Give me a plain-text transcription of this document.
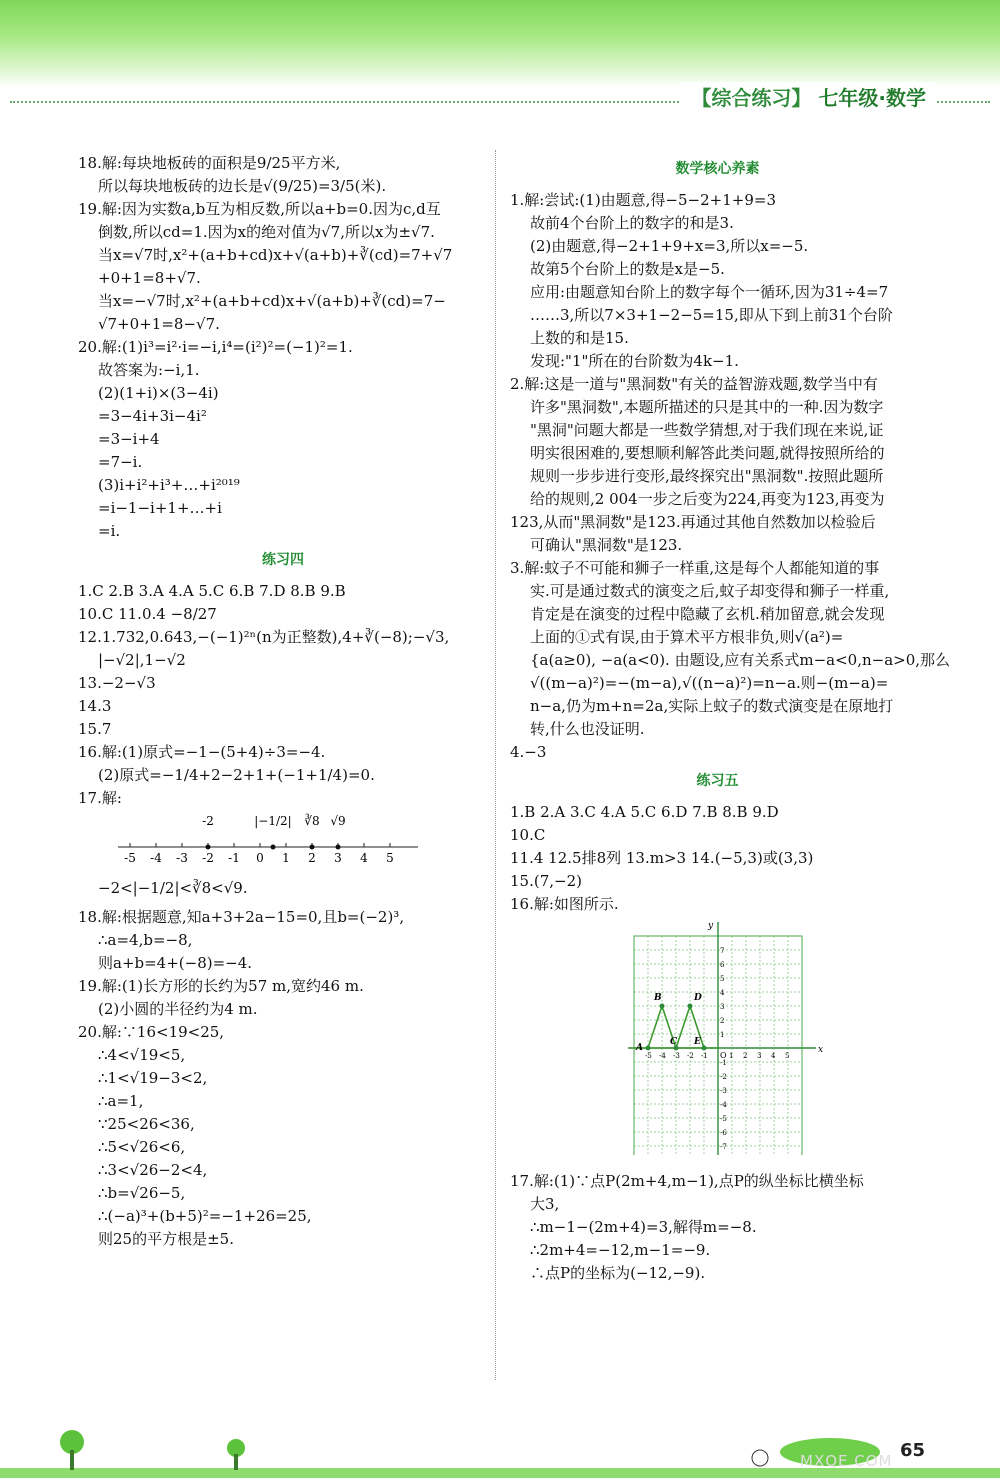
【综合练习】 七年级·数学
18.解:每块地板砖的面积是9/25平方米,
所以每块地板砖的边长是√(9/25)=3/5(米).
19.解:因为实数a,b互为相反数,所以a+b=0.因为c,d互
倒数,所以cd=1.因为x的绝对值为√7,所以x为±√7.
当x=√7时,x²+(a+b+cd)x+√(a+b)+∛(cd)=7+√7
+0+1=8+√7.
当x=−√7时,x²+(a+b+cd)x+√(a+b)+∛(cd)=7−
√7+0+1=8−√7.
20.解:(1)i³=i²·i=−i,i⁴=(i²)²=(−1)²=1.
故答案为:−i,1.
(2)(1+i)×(3−4i)
=3−4i+3i−4i²
=3−i+4
=7−i.
(3)i+i²+i³+…+i²⁰¹⁹
=i−1−i+1+…+i
=i.
练习四
1.C 2.B 3.A 4.A 5.C 6.B 7.D 8.B 9.B
10.C 11.0.4 −8/27
12.1.732,0.643,−(−1)²ⁿ(n为正整数),4+∛(−8);−√3,
|−√2|,1−√2
13.−2−√3
14.3
15.7
16.解:(1)原式=−1−(5+4)÷3=−4.
(2)原式=−1/4+2−2+1+(−1+1/4)=0.
17.解:
-5 -4 -3 -2 -1 0 1 2 3 4 5
-2	|−1/2| ∛8 √9
−2<|−1/2|<∛8<√9.
18.解:根据题意,知a+3+2a−15=0,且b=(−2)³,
∴a=4,b=−8,
则a+b=4+(−8)=−4.
19.解:(1)长方形的长约为57 m,宽约46 m.
(2)小圆的半径约为4 m.
20.解:∵16<19<25,
∴4<√19<5,
∴1<√19−3<2,
∴a=1,
∵25<26<36,
∴5<√26<6,
∴3<√26−2<4,
∴b=√26−5,
∴(−a)³+(b+5)²=−1+26=25,
则25的平方根是±5.
数学核心养素
1.解:尝试:(1)由题意,得−5−2+1+9=3
故前4个台阶上的数字的和是3.
(2)由题意,得−2+1+9+x=3,所以x=−5.
故第5个台阶上的数是x是−5.
应用:由题意知台阶上的数字每个一循环,因为31÷4=7
……3,所以7×3+1−2−5=15,即从下到上前31个台阶
上数的和是15.
发现:"1"所在的台阶数为4k−1.
2.解:这是一道与"黑洞数"有关的益智游戏题,数学当中有
许多"黑洞数",本题所描述的只是其中的一种.因为数字
"黑洞"问题大都是一些数学猜想,对于我们现在来说,证
明实很困难的,要想顺利解答此类问题,就得按照所给的
规则一步步进行变形,最终探究出"黑洞数".按照此题所
给的规则,2 004一步之后变为224,再变为123,再变为
123,从而"黑洞数"是123.再通过其他自然数加以检验后
可确认"黑洞数"是123.
3.解:蚊子不可能和狮子一样重,这是每个人都能知道的事
实.可是通过数式的演变之后,蚊子却变得和狮子一样重,
肯定是在演变的过程中隐藏了玄机.稍加留意,就会发现
上面的①式有误,由于算术平方根非负,则√(a²)=
{a(a≥0), −a(a<0). 由题设,应有关系式m−a<0,n−a>0,那么
√((m−a)²)=−(m−a),√((n−a)²)=n−a.则−(m−a)=
n−a,仍为m+n=2a,实际上蚊子的数式演变是在原地打
转,什么也没证明.
4.−3
练习五
1.B 2.A 3.C 4.A 5.C 6.D 7.B 8.B 9.D
10.C
11.4 12.5排8列 13.m>3 14.(−5,3)或(3,3)
15.(7,−2)
16.解:如图所示.
x
y
O
-5 -4 -3 -2 -1	1 2 3 4 5
7
6
5
4
3
2
1
-1
-2
-3
-4
-5
-6
-7
A
B
C
D
E
17.解:(1)∵点P(2m+4,m−1),点P的纵坐标比横坐标
大3,
∴m−1−(2m+4)=3,解得m=−8.
∴2m+4=−12,m−1=−9.
∴点P的坐标为(−12,−9).
65
MXQE.COM
